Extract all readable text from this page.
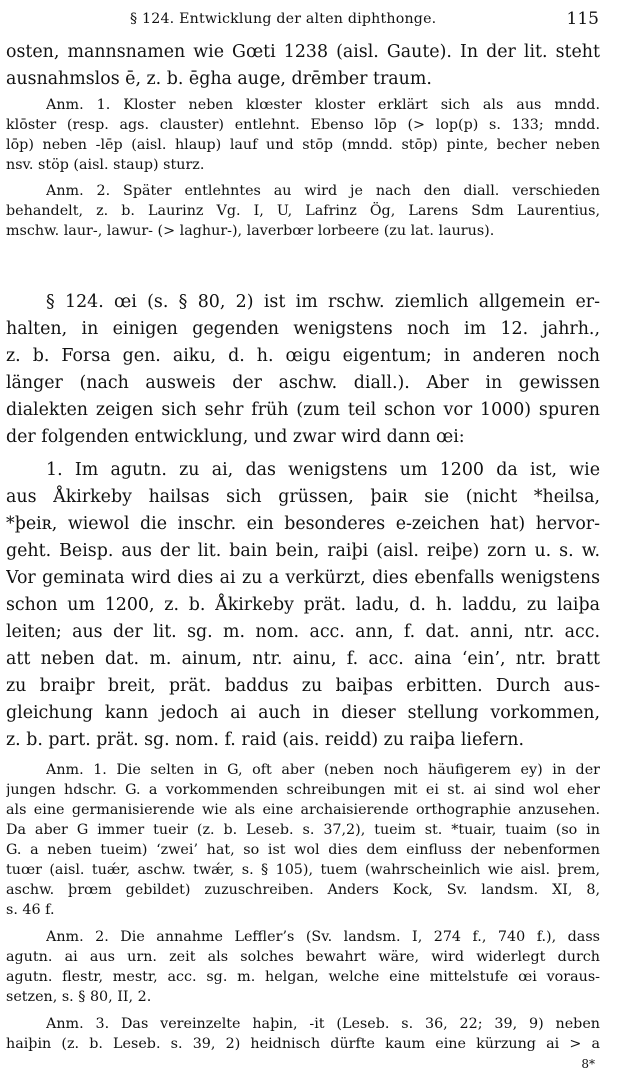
§ 124. Entwicklung der alten diphthonge.	115
osten, mannsnamen wie Gœti 1238 (aisl. Gaute). In der lit. steht
ausnahmslos ē, z. b. ēgha auge, drēmber traum.
Anm. 1. Kloster neben klœster kloster erklärt sich als aus mndd.
klōster (resp. ags. clauster) entlehnt. Ebenso lōp (> lop(p) s. 133; mndd.
lōp) neben -lēp (aisl. hlaup) lauf und stōp (mndd. stōp) pinte, becher neben
nsv. stöp (aisl. staup) sturz.
Anm. 2. Später entlehntes au wird je nach den diall. verschieden
behandelt, z. b. Laurinz Vg. I, U, Lafrinz Ög, Larens Sdm Laurentius,
mschw. laur-, lawur- (> laghur-), laverbœr lorbeere (zu lat. laurus).
§ 124. œi (s. § 80, 2) ist im rschw. ziemlich allgemein er-
halten, in einigen gegenden wenigstens noch im 12. jahrh.,
z. b. Forsa gen. aiku, d. h. œigu eigentum; in anderen noch
länger (nach ausweis der aschw. diall.). Aber in gewissen
dialekten zeigen sich sehr früh (zum teil schon vor 1000) spuren
der folgenden entwicklung, und zwar wird dann œi:
1. Im agutn. zu ai, das wenigstens um 1200 da ist, wie
aus Åkirkeby hailsas sich grüssen, þaiʀ sie (nicht *heilsa,
*þeiʀ, wiewol die inschr. ein besonderes e-zeichen hat) hervor-
geht. Beisp. aus der lit. bain bein, raiþi (aisl. reiþe) zorn u. s. w.
Vor geminata wird dies ai zu a verkürzt, dies ebenfalls wenigstens
schon um 1200, z. b. Åkirkeby prät. ladu, d. h. laddu, zu laiþa
leiten; aus der lit. sg. m. nom. acc. ann, f. dat. anni, ntr. acc.
att neben dat. m. ainum, ntr. ainu, f. acc. aina ‘ein’, ntr. bratt
zu braiþr breit, prät. baddus zu baiþas erbitten. Durch aus-
gleichung kann jedoch ai auch in dieser stellung vorkommen,
z. b. part. prät. sg. nom. f. raid (ais. reidd) zu raiþa liefern.
Anm. 1. Die selten in G, oft aber (neben noch häufigerem ey) in der
jungen hdschr. G. a vorkommenden schreibungen mit ei st. ai sind wol eher
als eine germanisierende wie als eine archaisierende orthographie anzusehen.
Da aber G immer tueir (z. b. Leseb. s. 37,2), tueim st. *tuair, tuaim (so in
G. a neben tueim) ‘zwei’ hat, so ist wol dies dem einfluss der nebenformen
tuœr (aisl. tuǽr, aschw. twǽr, s. § 105), tuem (wahrscheinlich wie aisl. þrem,
aschw. þrœm gebildet) zuzuschreiben. Anders Kock, Sv. landsm. XI, 8,
s. 46 f.
Anm. 2. Die annahme Leffler’s (Sv. landsm. I, 274 f., 740 f.), dass
agutn. ai aus urn. zeit als solches bewahrt wäre, wird widerlegt durch
agutn. flestr, mestr, acc. sg. m. helgan, welche eine mittelstufe œi voraus-
setzen, s. § 80, II, 2.
Anm. 3. Das vereinzelte haþin, -it (Leseb. s. 36, 22; 39, 9) neben
haiþin (z. b. Leseb. s. 39, 2) heidnisch dürfte kaum eine kürzung ai > a
8*
